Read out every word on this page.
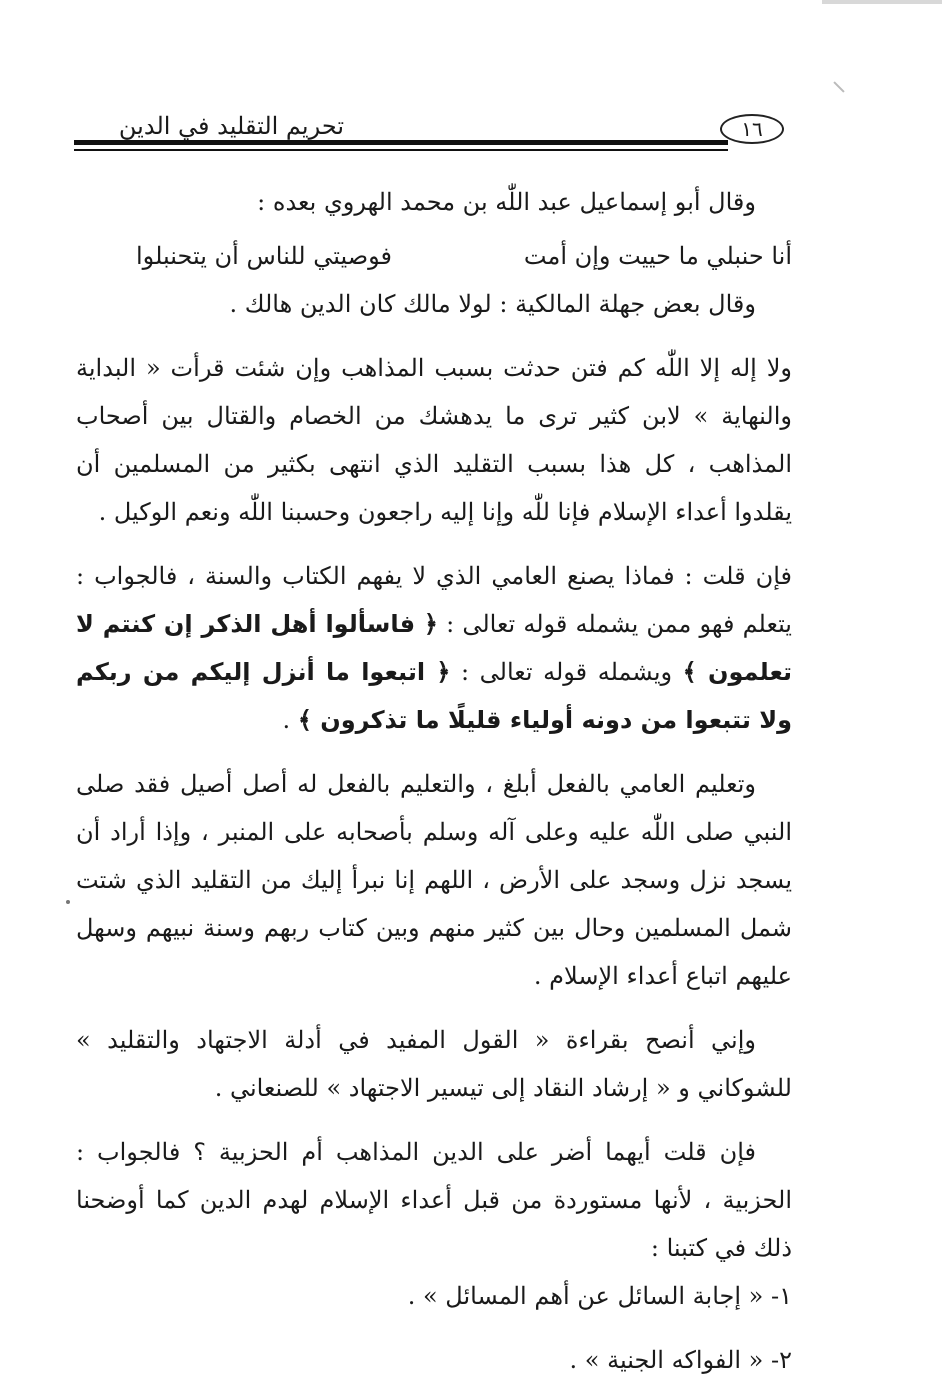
تحريم التقليد في الدين	١٦

وقال أبو إسماعيل عبد اللّٰه بن محمد الهروي بعده :

أنا حنبلي ما حييت وإن أمت
فوصيتي للناس أن يتحنبلوا

وقال بعض جهلة المالكية : لولا مالك كان الدين هالك .

ولا إله إلا اللّٰه كم فتن حدثت بسبب المذاهب وإن شئت قرأت « البداية والنهاية » لابن كثير ترى ما يدهشك من الخصام والقتال بين أصحاب المذاهب ، كل هذا بسبب التقليد الذي انتهى بكثير من المسلمين أن يقلدوا أعداء الإسلام فإنا للّٰه وإنا إليه راجعون وحسبنا اللّٰه ونعم الوكيل .

فإن قلت : فماذا يصنع العامي الذي لا يفهم الكتاب والسنة ، فالجواب : يتعلم فهو ممن يشمله قوله تعالى : ﴿ فاسألوا أهل الذكر إن كنتم لا تعلمون ﴾ ويشمله قوله تعالى : ﴿ اتبعوا ما أنزل إليكم من ربكم ولا تتبعوا من دونه أولياء قليلًا ما تذكرون ﴾ .

وتعليم العامي بالفعل أبلغ ، والتعليم بالفعل له أصل أصيل فقد صلى النبي صلى اللّٰه عليه وعلى آله وسلم بأصحابه على المنبر ، وإذا أراد أن يسجد نزل وسجد على الأرض ، اللهم إنا نبرأ إليك من التقليد الذي شتت شمل المسلمين وحال بين كثير منهم وبين كتاب ربهم وسنة نبيهم وسهل عليهم اتباع أعداء الإسلام .

وإني أنصح بقراءة « القول المفيد في أدلة الاجتهاد والتقليد » للشوكاني و « إرشاد النقاد إلى تيسير الاجتهاد » للصنعاني .

فإن قلت أيهما أضر على الدين المذاهب أم الحزبية ؟ فالجواب : الحزبية ، لأنها مستوردة من قبل أعداء الإسلام لهدم الدين كما أوضحنا ذلك في كتبنا :

١- « إجابة السائل عن أهم المسائل » .

٢- « الفواكه الجنية » .
